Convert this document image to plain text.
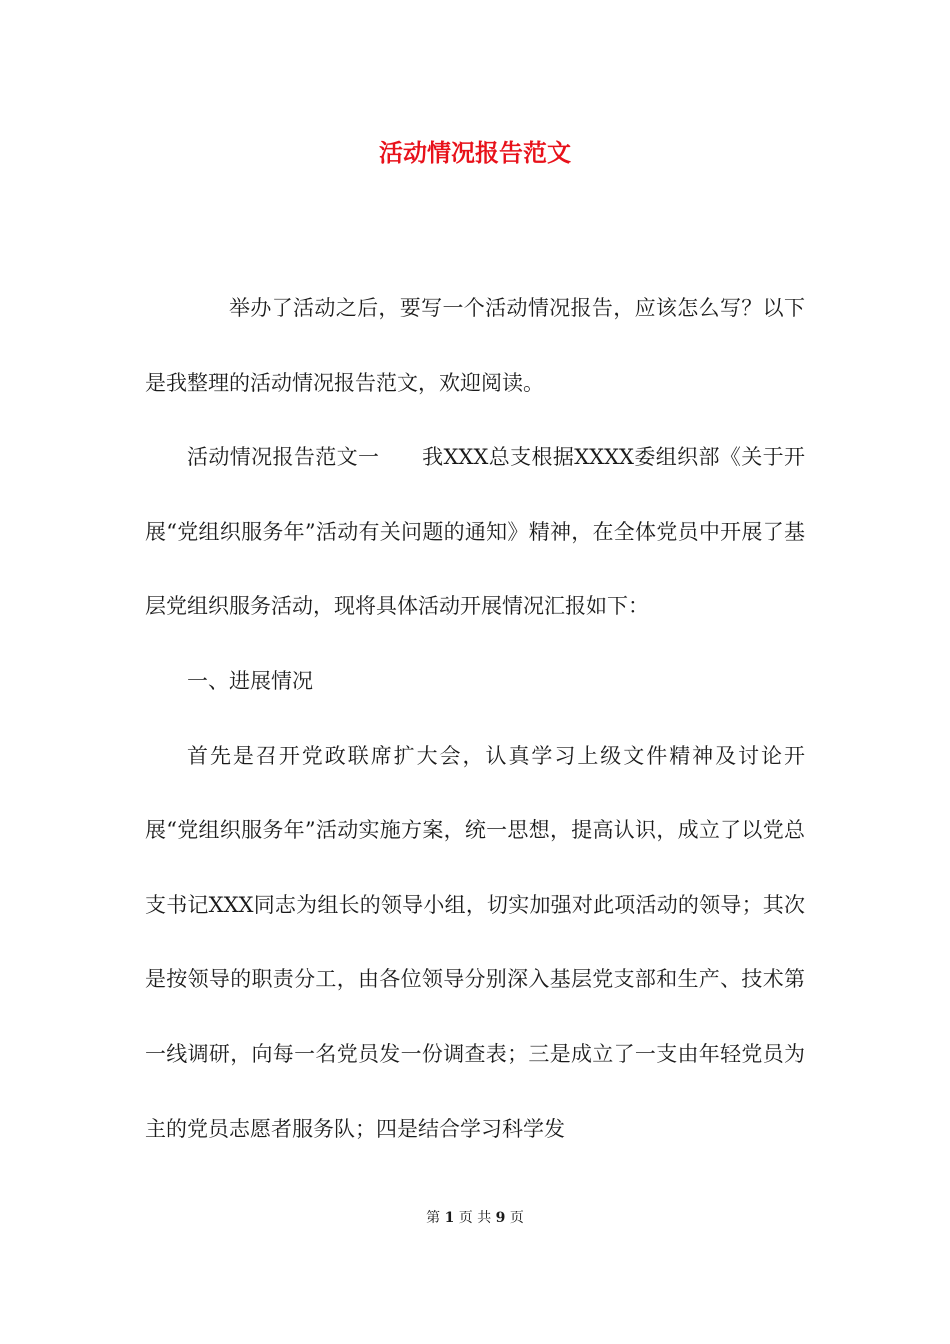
活动情况报告范文

举办了活动之后，要写一个活动情况报告，应该怎么写？以下是我整理的活动情况报告范文，欢迎阅读。

活动情况报告范文一　　我XXX总支根据XXXX委组织部《关于开展“党组织服务年”活动有关问题的通知》精神，在全体党员中开展了基层党组织服务活动，现将具体活动开展情况汇报如下：

一、进展情况

首先是召开党政联席扩大会，认真学习上级文件精神及讨论开展“党组织服务年”活动实施方案，统一思想，提高认识，成立了以党总支书记XXX同志为组长的领导小组，切实加强对此项活动的领导；其次是按领导的职责分工，由各位领导分别深入基层党支部和生产、技术第一线调研，向每一名党员发一份调查表；三是成立了一支由年轻党员为主的党员志愿者服务队；四是结合学习科学发

第 1 页 共 9 页
